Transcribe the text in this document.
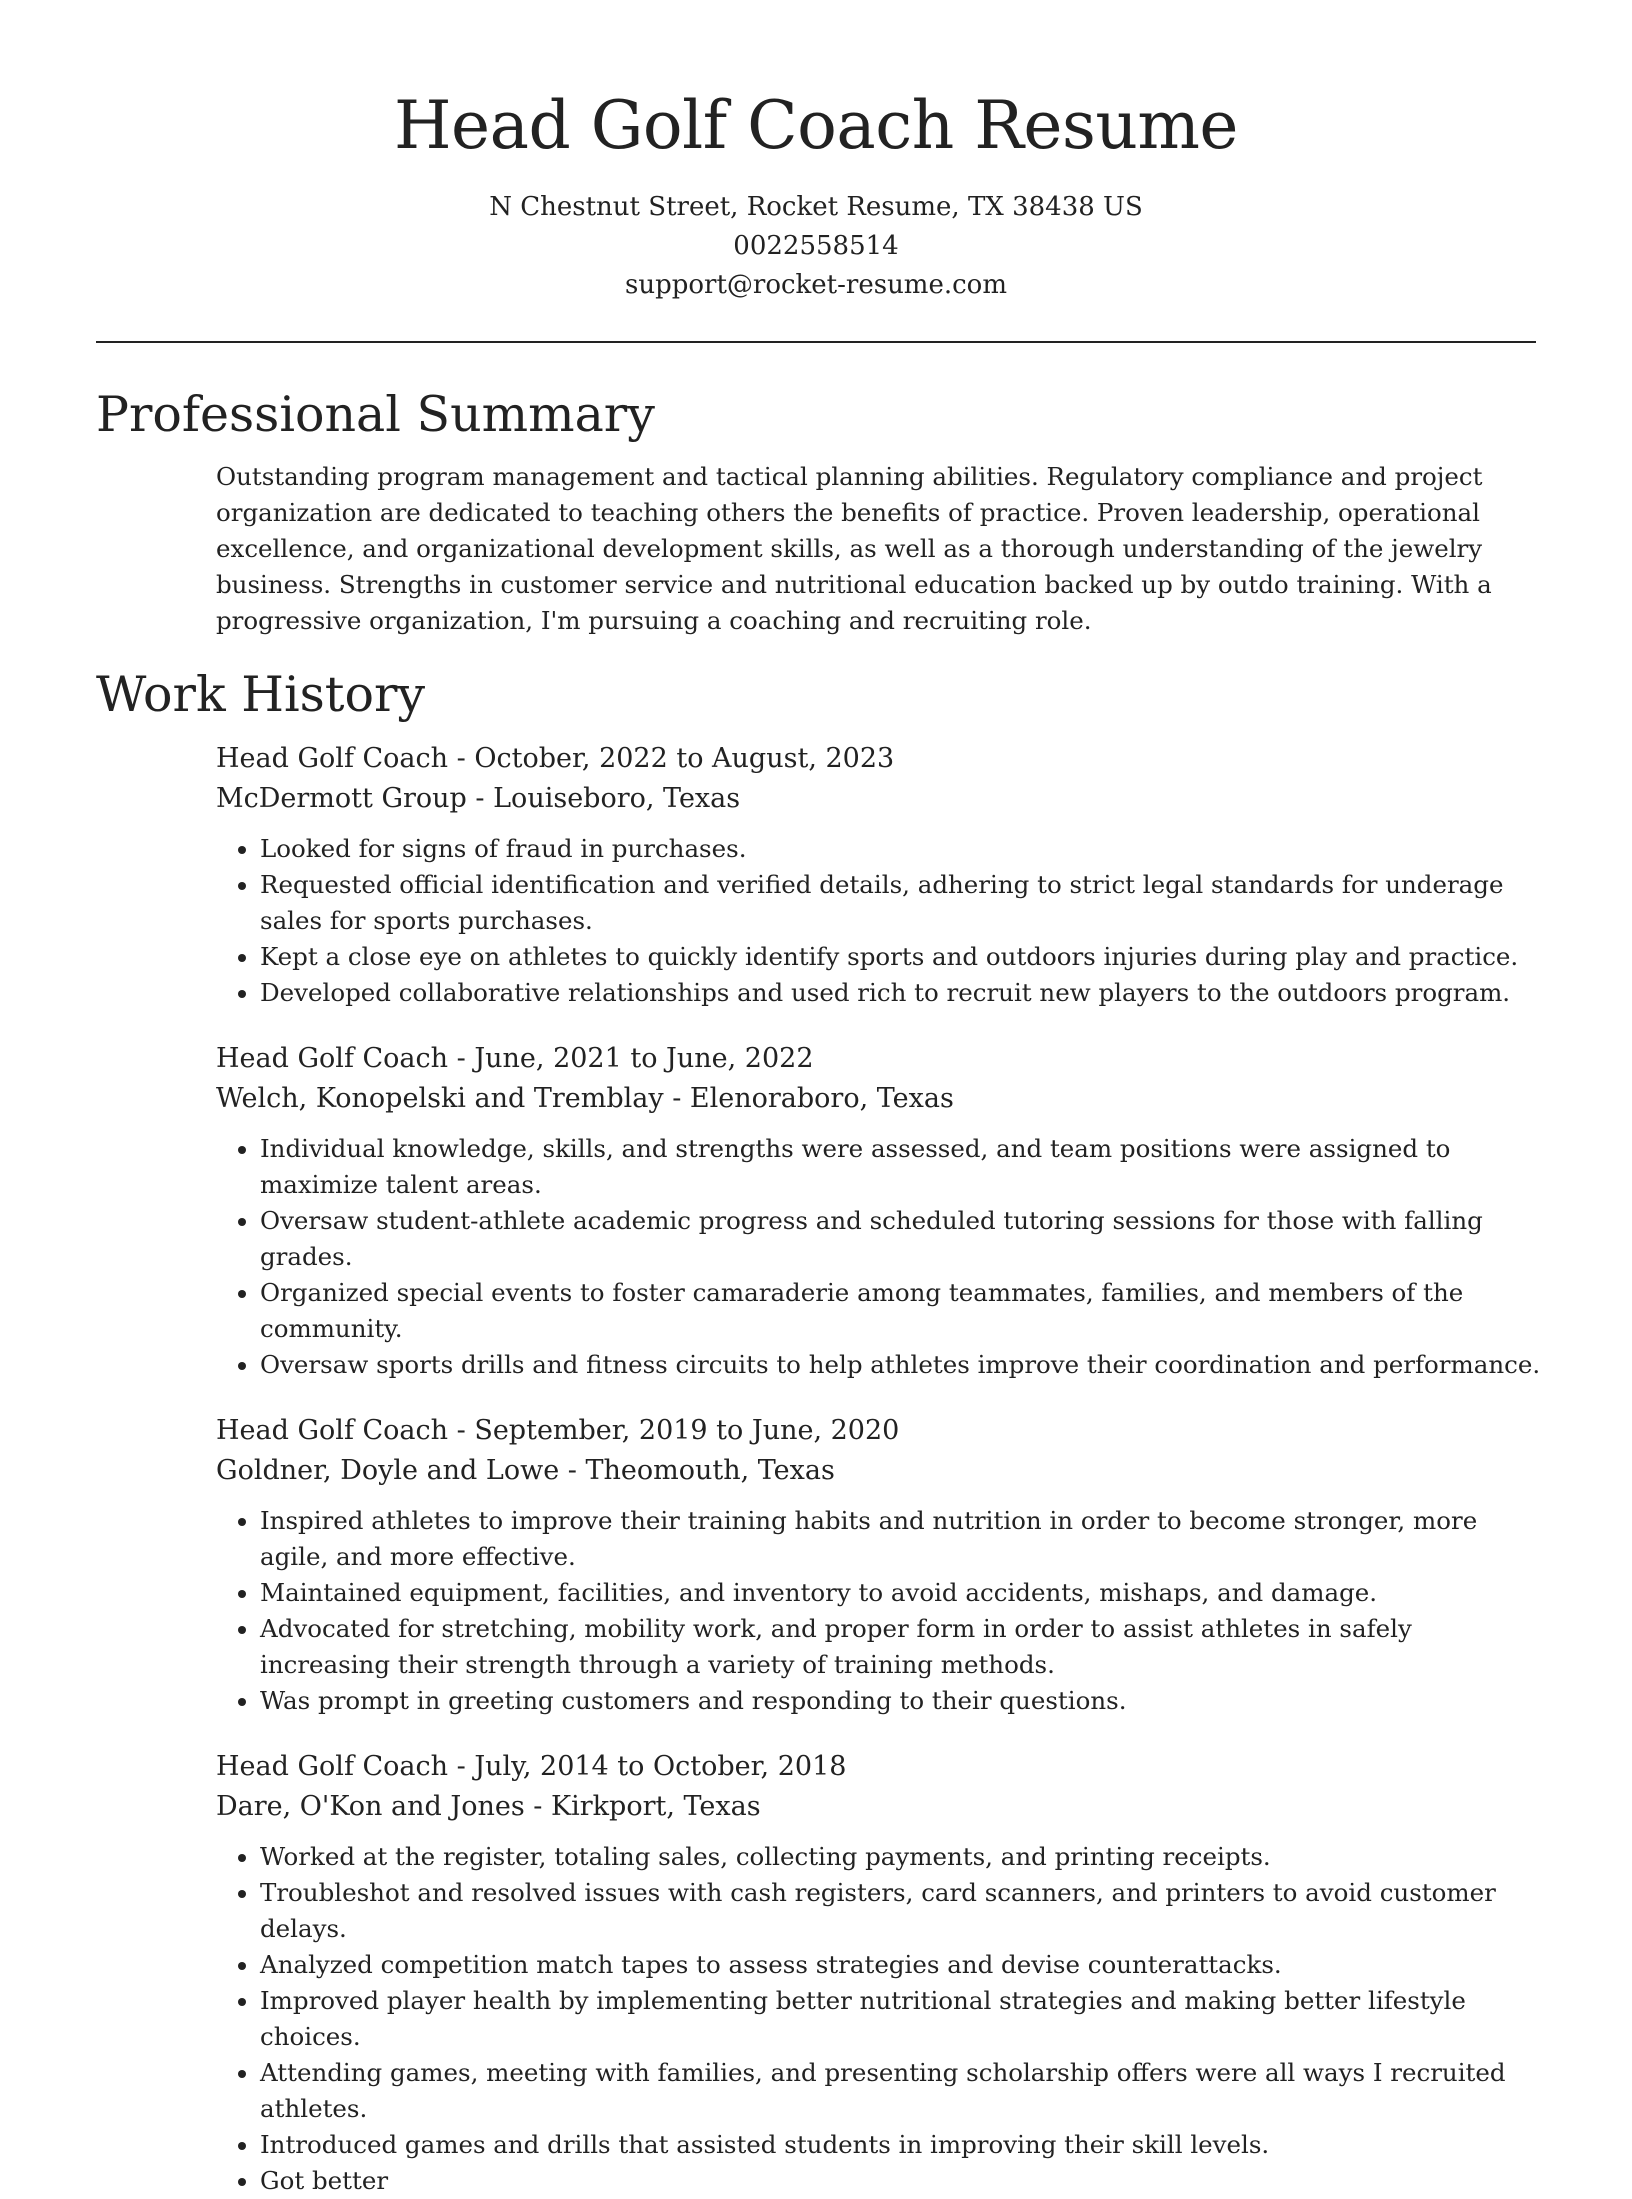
Head Golf Coach Resume
N Chestnut Street, Rocket Resume, TX 38438 US
0022558514
support@rocket-resume.com
Professional Summary

Outstanding program management and tactical planning abilities. Regulatory compliance and project organization are dedicated to teaching others the benefits of practice. Proven leadership, operational excellence, and organizational development skills, as well as a thorough understanding of the jewelry business. Strengths in customer service and nutritional education backed up by outdo training. With a progressive organization, I'm pursuing a coaching and recruiting role.

Work History
Head Golf Coach - October, 2022 to August, 2023
McDermott Group - Louiseboro, Texas
• Looked for signs of fraud in purchases.
• Requested official identification and verified details, adhering to strict legal standards for underage sales for sports purchases.
• Kept a close eye on athletes to quickly identify sports and outdoors injuries during play and practice.
• Developed collaborative relationships and used rich to recruit new players to the outdoors program.
Head Golf Coach - June, 2021 to June, 2022
Welch, Konopelski and Tremblay - Elenoraboro, Texas
• Individual knowledge, skills, and strengths were assessed, and team positions were assigned to maximize talent areas.
• Oversaw student-athlete academic progress and scheduled tutoring sessions for those with falling grades.
• Organized special events to foster camaraderie among teammates, families, and members of the community.
• Oversaw sports drills and fitness circuits to help athletes improve their coordination and performance.
Head Golf Coach - September, 2019 to June, 2020
Goldner, Doyle and Lowe - Theomouth, Texas
• Inspired athletes to improve their training habits and nutrition in order to become stronger, more agile, and more effective.
• Maintained equipment, facilities, and inventory to avoid accidents, mishaps, and damage.
• Advocated for stretching, mobility work, and proper form in order to assist athletes in safely increasing their strength through a variety of training methods.
• Was prompt in greeting customers and responding to their questions.
Head Golf Coach - July, 2014 to October, 2018
Dare, O'Kon and Jones - Kirkport, Texas
• Worked at the register, totaling sales, collecting payments, and printing receipts.
• Troubleshot and resolved issues with cash registers, card scanners, and printers to avoid customer delays.
• Analyzed competition match tapes to assess strategies and devise counterattacks.
• Improved player health by implementing better nutritional strategies and making better lifestyle choices.
• Attending games, meeting with families, and presenting scholarship offers were all ways I recruited athletes.
• Introduced games and drills that assisted students in improving their skill levels.
• Got better
